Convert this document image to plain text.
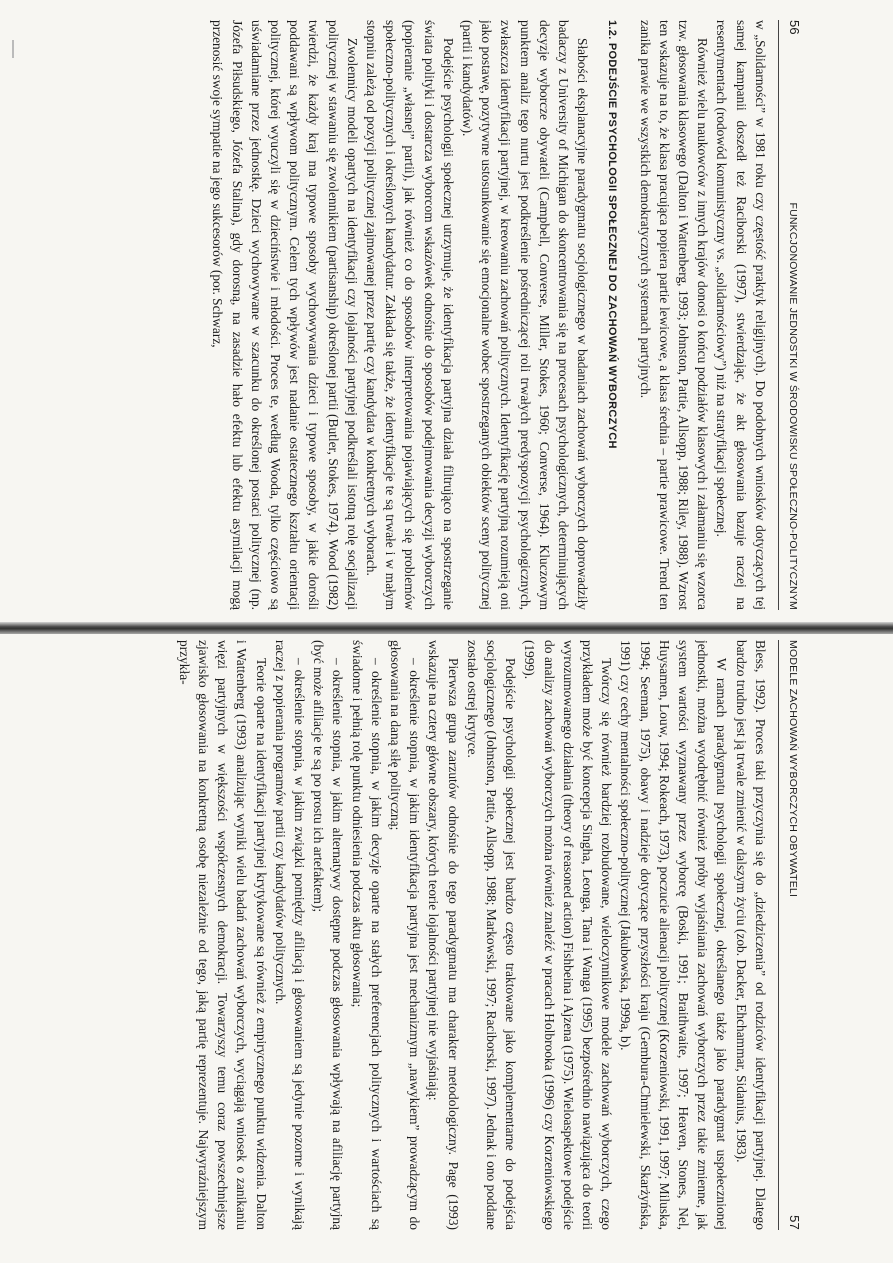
56
FUNKCJONOWANIE JEDNOSTKI W ŚRODOWISKU SPOŁECZNO-POLITYCZNYM

w „Solidarności” w 1981 roku czy częstość praktyk religijnych). Do podobnych wniosków dotyczących tej samej kampanii doszedł też Raciborski (1997), stwierdzając, że akt głosowania bazuje raczej na resentymentach (rodowód komunistyczny vs. „solidarnościowy”) niż na stratyfikacji społecznej.

Również wielu naukowców z innych krajów donosi o końcu podziałów klasowych i załamaniu się wzorca tzw. głosowania klasowego (Dalton i Wattenberg, 1993; Johnston, Pattie, Allsopp, 1988; Riley, 1988). Wzrost ten wskazuje na to, że klasa pracująca popiera partie lewicowe, a klasa średnia – partie prawicowe. Trend ten zanika prawie we wszystkich demokratycznych systemach partyjnych.

1.2. PODEJŚCIE PSYCHOLOGII SPOŁECZNEJ DO ZACHOWAŃ WYBORCZYCH

Słabości eksplanacyjne paradygmatu socjologicznego w badaniach zachowań wyborczych doprowadziły badaczy z University of Michigan do skoncentrowania się na procesach psychologicznych, determinujących decyzje wyborcze obywateli (Campbell, Converse, Miller, Stokes, 1960; Converse, 1964). Kluczowym punktem analiz tego nurtu jest podkreślenie pośredniczącej roli trwałych predyspozycji psychologicznych, zwłaszcza identyfikacji partyjnej, w kreowaniu zachowań politycznych. Identyfikację partyjną rozumieją oni jako postawę, pozytywne ustosunkowanie się emocjonalne wobec spostrzeganych obiektów sceny politycznej (partii i kandydatów).

Podejście psychologii społecznej utrzymuje, że identyfikacja partyjna działa filtrująco na spostrzeganie świata polityki i dostarcza wyborcom wskazówek odnośnie do sposobów podejmowania decyzji wyborczych (popieranie „własnej” partii), jak również co do sposobów interpretowania pojawiających się problemów społeczno-politycznych i określonych kandydatur. Zakłada się także, że identyfikacje te są trwałe i w małym stopniu zależą od pozycji politycznej zajmowanej przez partię czy kandydata w konkretnych wyborach.

Zwolennicy modeli opartych na identyfikacji czy lojalności partyjnej podkreślali istotną rolę socjalizacji politycznej w stawaniu się zwolennikiem (partisanship) określonej partii (Butler, Stokes, 1974). Wood (1982) twierdzi, że każdy kraj ma typowe sposoby wychowywania dzieci i typowe sposoby, w jakie dorośli poddawani są wpływom politycznym. Celem tych wpływów jest nadanie ostatecznego kształtu orientacji politycznej, której wyuczyli się w dzieciństwie i młodości. Proces te, według Wooda, tylko częściowo są uświadamiane przez jednostkę. Dzieci wychowywane w szacunku do określonej postaci politycznej (np. Józefa Piłsudskiego, Józefa Stalina), gdy dorosną, na zasadzie hało efektu lub efektu asymilacji mogą przenosić swoje sympatie na jego sukcesorów (por. Schwarz,

MODELE ZACHOWAŃ WYBORCZYCH OBYWATELI
57

Bless, 1992). Proces taki przyczynia się do „dziedziczenia” od rodziców identyfikacji partyjnej. Dlatego bardzo trudno jest ją trwale zmienić w dalszym życiu (zob. Dacker, Ehchammar, Sidanius, 1983).

W ramach paradygmatu psychologii społecznej, określanego także jako paradygmat uspołecznionej jednostki, można wyodrębnić również próby wyjaśniania zachowań wyborczych przez takie zmienne, jak system wartości wyznawany przez wyborcę (Boski, 1991; Braithwaite, 1997; Heaven, Stones, Nel, Huysamen, Louw, 1994; Rokeach, 1973), poczucie alienacji politycznej (Korzeniowski, 1991, 1997; Miluska, 1994; Seeman, 1975), obawy i nadzieje dotyczące przyszłości kraju (Gembura-Chmielewski, Skarżyńska, 1991) czy cechy mentalności społeczno-politycznej (Jakubowska, 1999a, b).

Twórczy się również bardziej rozbudowane, wieloczynnikowe modele zachowań wyborczych, czego przykładem może być koncepcja Singha, Leonga, Tana i Wanga (1995) bezpośrednio nawiązująca do teorii wyrozumowanego działania (theory of reasoned action) Fishbeina i Ajzena (1975). Wieloaspektowe podejście do analizy zachowań wyborczych można również znaleźć w pracach Holbrooka (1996) czy Korzeniowskiego (1999).

Podejście psychologii społecznej jest bardzo często traktowane jako komplementarne do podejścia socjologicznego (Johnston, Pattie, Allsopp, 1988; Markowski, 1997; Raciborski, 1997). Jednak i ono poddane zostało ostrej krytyce.

Pierwsza grupa zarzutów odnośnie do tego paradygmatu ma charakter metodologiczny. Page (1993) wskazuje na cztery główne obszary, których teorie lojalności partyjnej nie wyjaśniają:

– określenie stopnia, w jakim identyfikacja partyjna jest mechanizmym „nawykiem” prowadzącym do głosowania na daną siłę polityczną;

– określenie stopnia, w jakim decyzje oparte na stałych preferencjach politycznych i wartościach są świadome i pełnią rolę punktu odniesienia podczas aktu głosowania;

– określenie stopnia, w jakim alternatywy dostępne podczas głosowania wpływają na afiliację partyjną (być może afiliacje te są po prostu ich artefaktem);

– określenie stopnia, w jakim związki pomiędzy afiliacją i głosowaniem są jedynie pozorne i wynikają raczej z popierania programów partii czy kandydatów politycznych.

Teorie oparte na identyfikacji partyjnej krytykowane są również z empirycznego punktu widzenia. Dalton i Wattenberg (1993) analizując wyniki wielu badań zachowań wyborczych, wyciągają wniosek o zanikaniu więzi partyjnych w większości współczesnych demokracji. Towarzyszy temu coraz powszechniejsze zjawisko głosowania na konkretną osobę niezależnie od tego, jaką partię reprezentuje. Najwyraźniejszym przykła-
